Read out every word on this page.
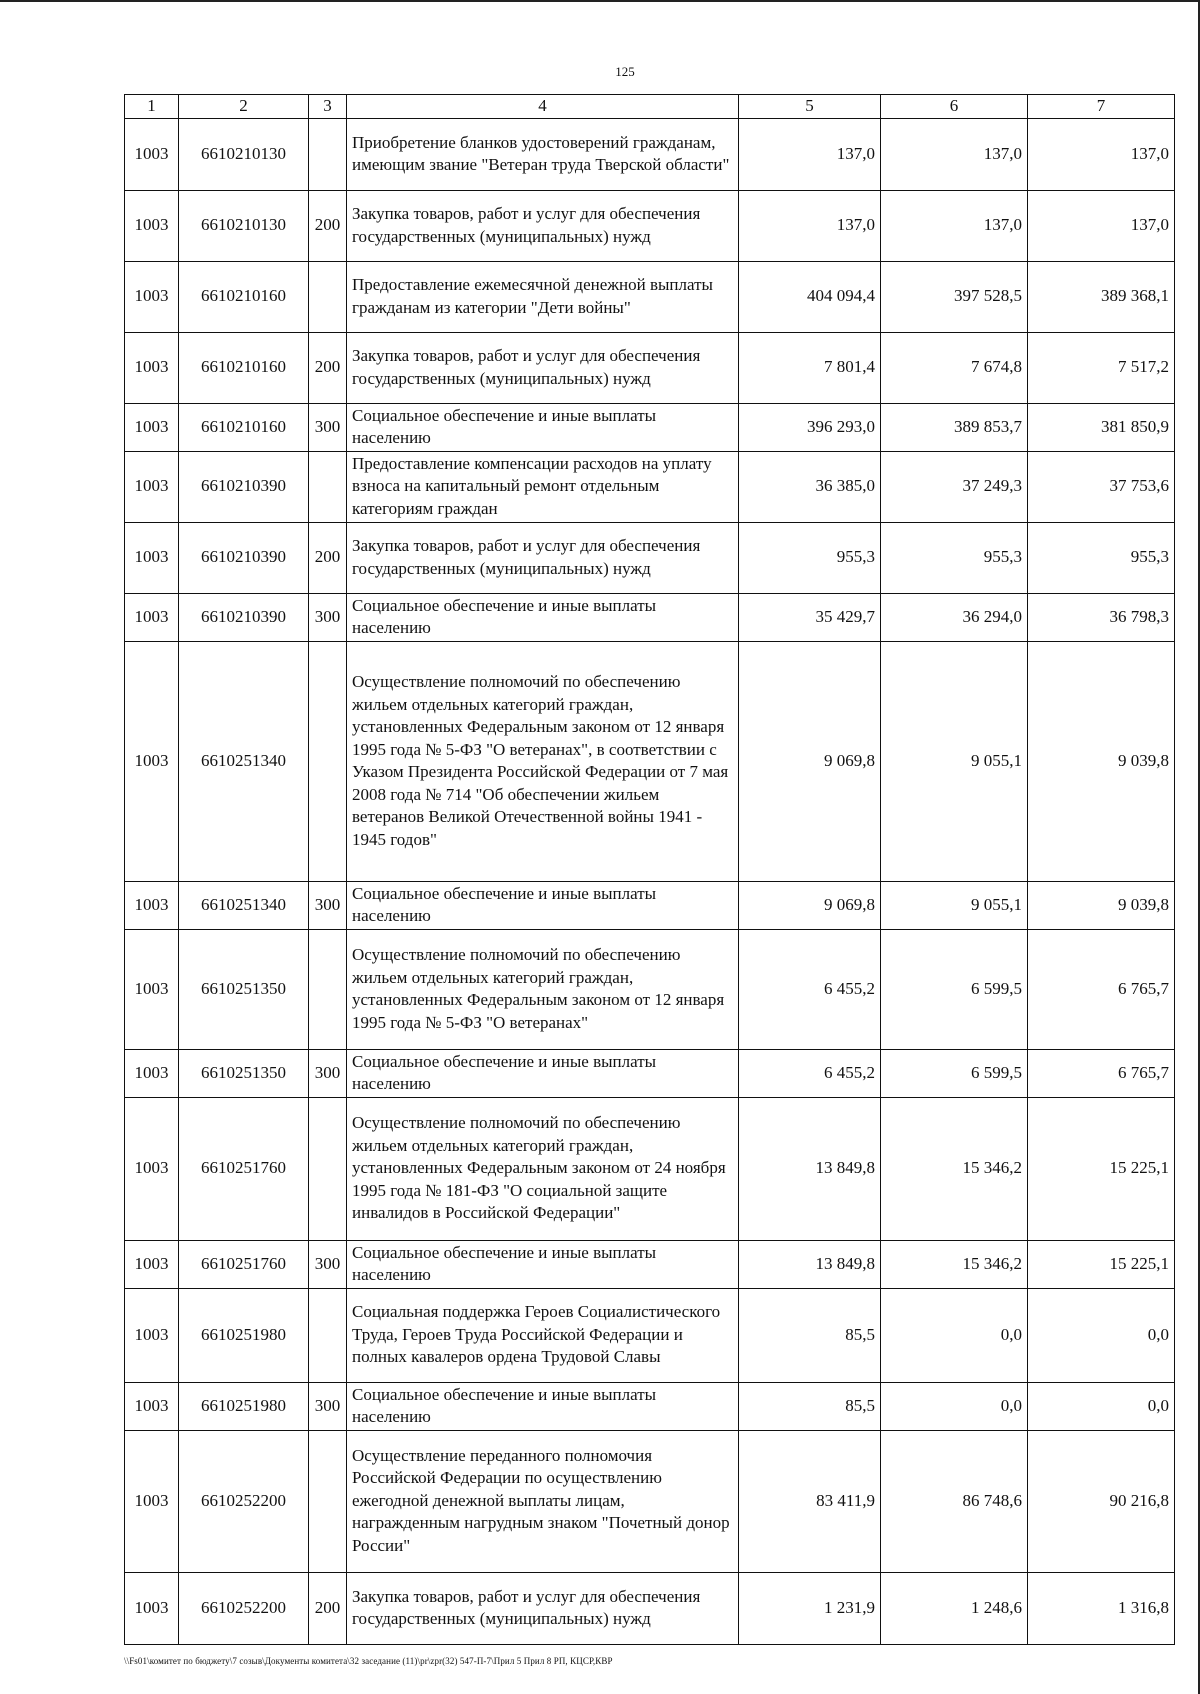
125
1	2	3	4	5	6	7
1003	6610210130		Приобретение бланков удостоверений гражданам, имеющим звание "Ветеран труда Тверской области"	137,0	137,0	137,0
1003	6610210130	200	Закупка товаров, работ и услуг для обеспечения государственных (муниципальных) нужд	137,0	137,0	137,0
1003	6610210160		Предоставление ежемесячной денежной выплаты гражданам из категории "Дети войны"	404 094,4	397 528,5	389 368,1
1003	6610210160	200	Закупка товаров, работ и услуг для обеспечения государственных (муниципальных) нужд	7 801,4	7 674,8	7 517,2
1003	6610210160	300	Социальное обеспечение и иные выплаты населению	396 293,0	389 853,7	381 850,9
1003	6610210390		Предоставление компенсации расходов на уплату взноса на капитальный ремонт отдельным категориям граждан	36 385,0	37 249,3	37 753,6
1003	6610210390	200	Закупка товаров, работ и услуг для обеспечения государственных (муниципальных) нужд	955,3	955,3	955,3
1003	6610210390	300	Социальное обеспечение и иные выплаты населению	35 429,7	36 294,0	36 798,3
1003	6610251340		Осуществление полномочий по обеспечению жильем отдельных категорий граждан, установленных Федеральным законом от 12 января 1995 года № 5-ФЗ "О ветеранах", в соответствии с Указом Президента Российской Федерации от 7 мая 2008 года № 714 "Об обеспечении жильем ветеранов Великой Отечественной войны 1941 - 1945 годов"	9 069,8	9 055,1	9 039,8
1003	6610251340	300	Социальное обеспечение и иные выплаты населению	9 069,8	9 055,1	9 039,8
1003	6610251350		Осуществление полномочий по обеспечению жильем отдельных категорий граждан, установленных Федеральным законом от 12 января 1995 года № 5-ФЗ "О ветеранах"	6 455,2	6 599,5	6 765,7
1003	6610251350	300	Социальное обеспечение и иные выплаты населению	6 455,2	6 599,5	6 765,7
1003	6610251760		Осуществление полномочий по обеспечению жильем отдельных категорий граждан, установленных Федеральным законом от 24 ноября 1995 года № 181-ФЗ "О социальной защите инвалидов в Российской Федерации"	13 849,8	15 346,2	15 225,1
1003	6610251760	300	Социальное обеспечение и иные выплаты населению	13 849,8	15 346,2	15 225,1
1003	6610251980		Социальная поддержка Героев Социалистического Труда, Героев Труда Российской Федерации и полных кавалеров ордена Трудовой Славы	85,5	0,0	0,0
1003	6610251980	300	Социальное обеспечение и иные выплаты населению	85,5	0,0	0,0
1003	6610252200		Осуществление переданного полномочия Российской Федерации по осуществлению ежегодной денежной выплаты лицам, награжденным нагрудным знаком "Почетный донор России"	83 411,9	86 748,6	90 216,8
1003	6610252200	200	Закупка товаров, работ и услуг для обеспечения государственных (муниципальных) нужд	1 231,9	1 248,6	1 316,8
\\Fs01\комитет по бюджету\7 созыв\Документы комитета\32 заседание (11)\pr\zpr(32) 547-П-7\Прил 5 Прил 8 РП, КЦСР,КВР
